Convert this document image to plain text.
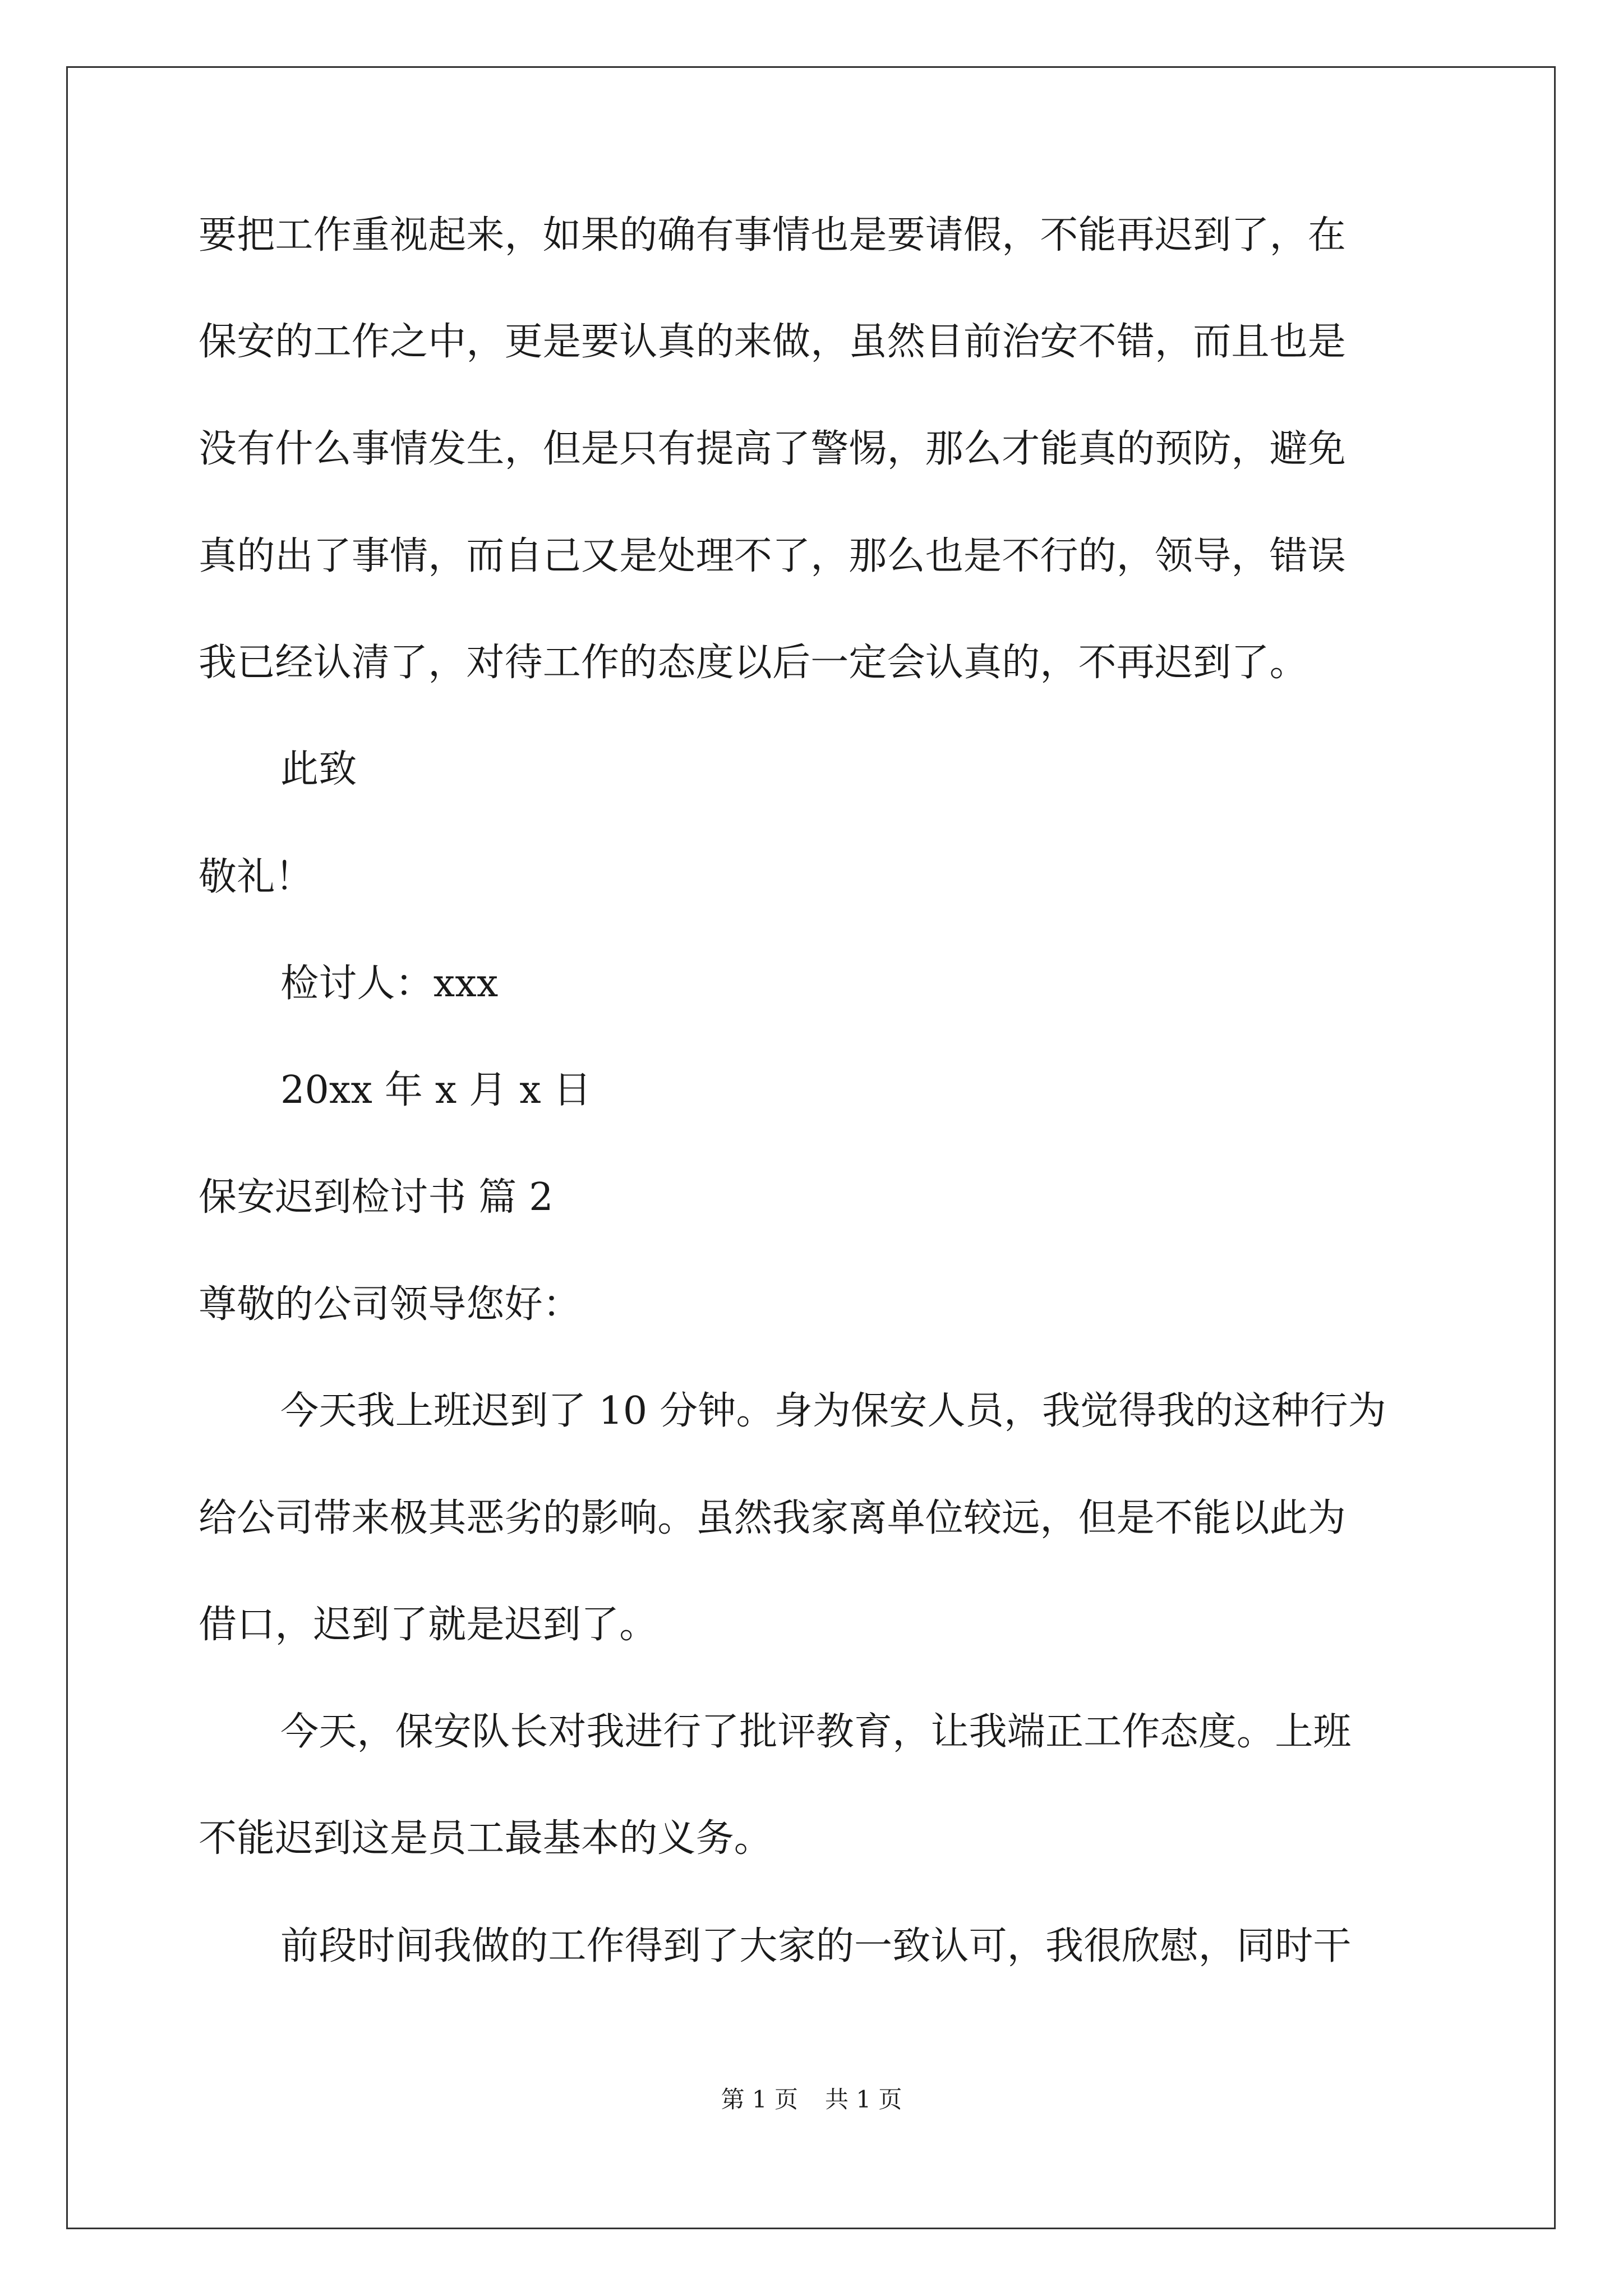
要把工作重视起来，如果的确有事情也是要请假，不能再迟到了，在
保安的工作之中，更是要认真的来做，虽然目前治安不错，而且也是
没有什么事情发生，但是只有提高了警惕，那么才能真的预防，避免
真的出了事情，而自己又是处理不了，那么也是不行的，领导，错误
我已经认清了，对待工作的态度以后一定会认真的，不再迟到了。
此致
敬礼！
检讨人：xxx
20xx 年 x 月 x 日
保安迟到检讨书 篇 2
尊敬的公司领导您好：
今天我上班迟到了 10 分钟。身为保安人员，我觉得我的这种行为
给公司带来极其恶劣的影响。虽然我家离单位较远，但是不能以此为
借口，迟到了就是迟到了。
今天，保安队长对我进行了批评教育，让我端正工作态度。上班
不能迟到这是员工最基本的义务。
前段时间我做的工作得到了大家的一致认可，我很欣慰，同时干
第 1 页 共 1 页
